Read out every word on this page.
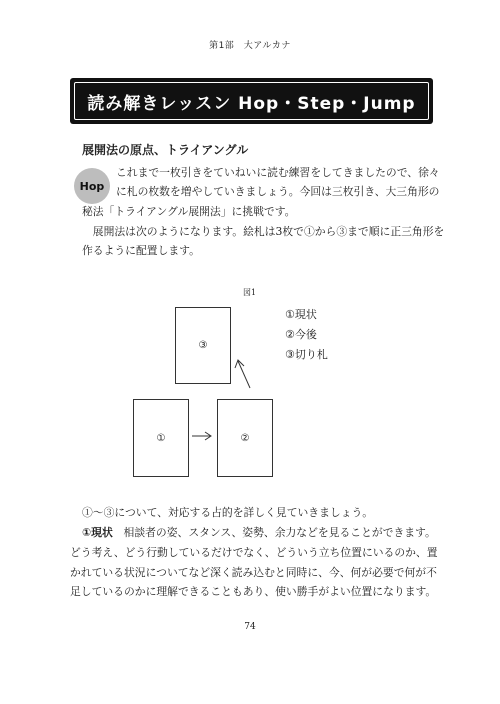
第1部　大アルカナ
読み解きレッスン Hop・Step・Jump
展開法の原点、トライアングル
Hop
これまで一枚引きをていねいに読む練習をしてきましたので、徐々
に札の枚数を増やしていきましょう。今回は三枚引き、大三角形の
秘法「トライアングル展開法」に挑戦です。
　展開法は次のようになります。絵札は3枚で①から③まで順に正三角形を
作るように配置します。
図1
③
①	②
①現状
②今後
③切り札
①〜③について、対応する占的を詳しく見ていきましょう。
①現状　相談者の姿、スタンス、姿勢、余力などを見ることができます。
どう考え、どう行動しているだけでなく、どういう立ち位置にいるのか、置
かれている状況についてなど深く読み込むと同時に、今、何が必要で何が不
足しているのかに理解できることもあり、使い勝手がよい位置になります。
74
